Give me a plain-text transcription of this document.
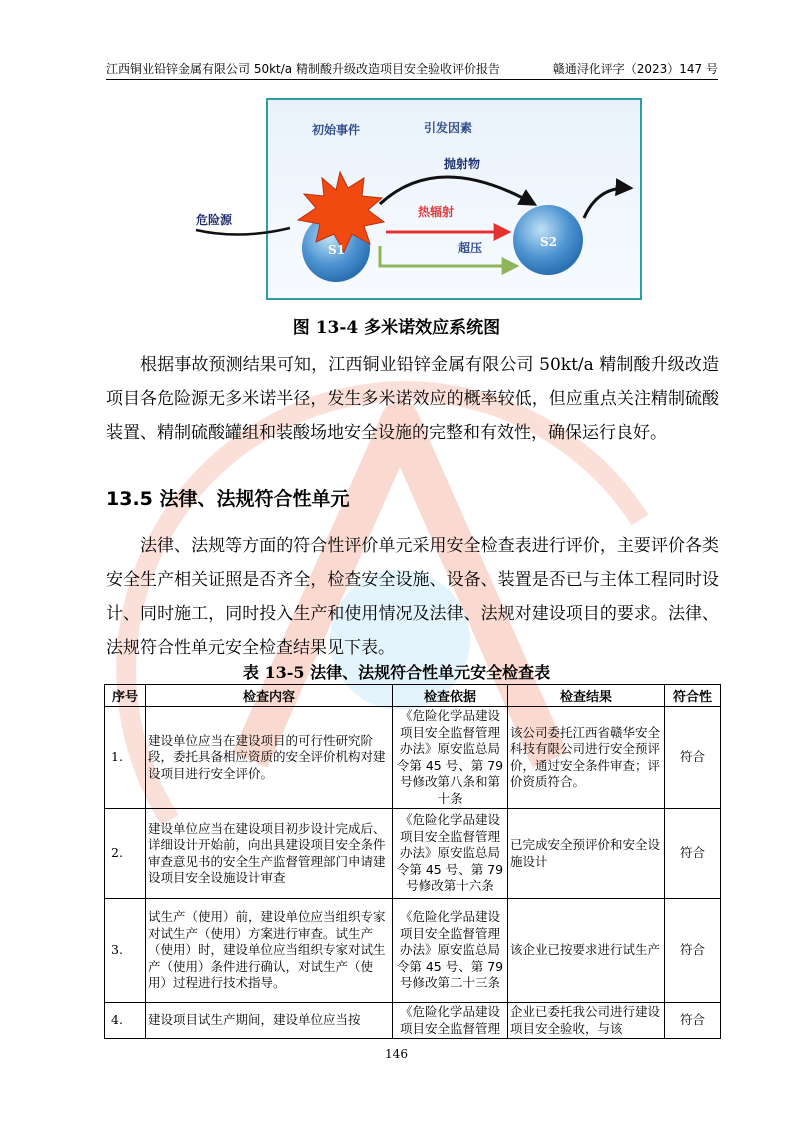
江西铜业铅锌金属有限公司 50kt/a 精制酸升级改造项目安全验收评价报告	赣通浔化评字（2023）147 号
初始事件	引发因素
抛射物
热辐射
超压
S1
S2
危险源
图 13-4 多米诺效应系统图
根据事故预测结果可知，江西铜业铅锌金属有限公司 50kt/a 精制酸升级改造项目各危险源无多米诺半径，发生多米诺效应的概率较低，但应重点关注精制硫酸装置、精制硫酸罐组和装酸场地安全设施的完整和有效性，确保运行良好。
13.5 法律、法规符合性单元
法律、法规等方面的符合性评价单元采用安全检查表进行评价，主要评价各类安全生产相关证照是否齐全，检查安全设施、设备、装置是否已与主体工程同时设计、同时施工，同时投入生产和使用情况及法律、法规对建设项目的要求。法律、法规符合性单元安全检查结果见下表。
表 13-5 法律、法规符合性单元安全检查表
序号	检查内容	检查依据	检查结果	符合性
1.	建设单位应当在建设项目的可行性研究阶段，委托具备相应资质的安全评价机构对建设项目进行安全评价。	《危险化学品建设项目安全监督管理办法》原安监总局令第 45 号、第 79 号修改第八条和第十条	该公司委托江西省赣华安全科技有限公司进行安全预评价，通过安全条件审查；评价资质符合。	符合
2.	建设单位应当在建设项目初步设计完成后、详细设计开始前，向出具建设项目安全条件审查意见书的安全生产监督管理部门申请建设项目安全设施设计审查	《危险化学品建设项目安全监督管理办法》原安监总局令第 45 号、第 79 号修改第十六条	已完成安全预评价和安全设施设计	符合
3.	试生产（使用）前，建设单位应当组织专家对试生产（使用）方案进行审查。试生产（使用）时，建设单位应当组织专家对试生产（使用）条件进行确认，对试生产（使用）过程进行技术指导。	《危险化学品建设项目安全监督管理办法》原安监总局令第 45 号、第 79 号修改第二十三条	该企业已按要求进行试生产	符合
4.	建设项目试生产期间，建设单位应当按	《危险化学品建设项目安全监督管理	企业已委托我公司进行建设项目安全验收，与该	符合
146
